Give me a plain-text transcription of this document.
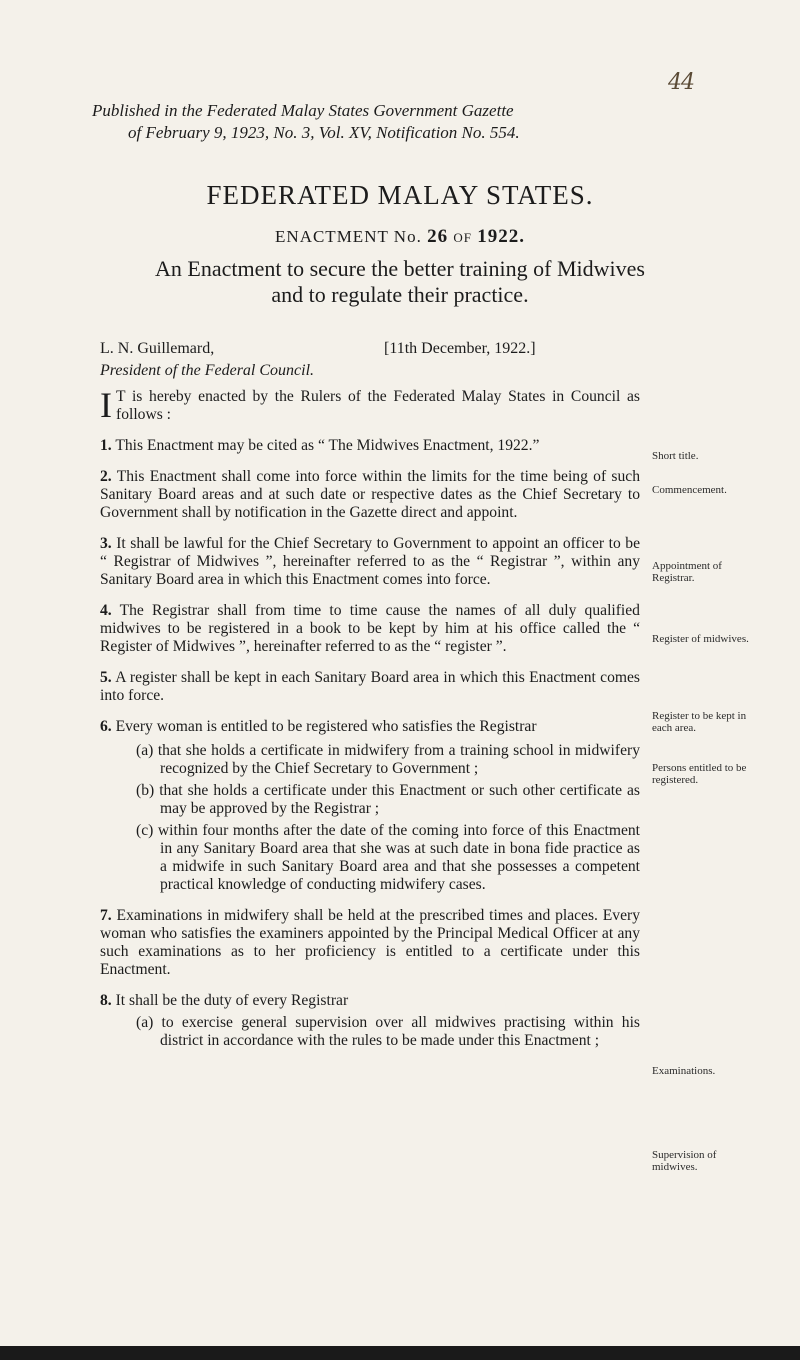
44
Published in the Federated Malay States Government Gazette
of February 9, 1923, No. 3, Vol. XV, Notification No. 554.
FEDERATED MALAY STATES.
ENACTMENT No. 26 OF 1922.
An Enactment to secure the better training of Midwives
and to regulate their practice.
L. N. Guillemard,	[11th December, 1922.]
President of the Federal Council.

I T is hereby enacted by the Rulers of the Federated Malay States in Council as follows :

1. This Enactment may be cited as “ The Midwives Enactment, 1922.”

2. This Enactment shall come into force within the limits for the time being of such Sanitary Board areas and at such date or respective dates as the Chief Secretary to Government shall by notification in the Gazette direct and appoint.

3. It shall be lawful for the Chief Secretary to Government to appoint an officer to be “ Registrar of Midwives ”, hereinafter referred to as the “ Registrar ”, within any Sanitary Board area in which this Enactment comes into force.

4. The Registrar shall from time to time cause the names of all duly qualified midwives to be registered in a book to be kept by him at his office called the “ Register of Midwives ”, hereinafter referred to as the “ register ”.

5. A register shall be kept in each Sanitary Board area in which this Enactment comes into force.

6. Every woman is entitled to be registered who satisfies the Registrar

(a) that she holds a certificate in midwifery from a training school in midwifery recognized by the Chief Secretary to Government ;

(b) that she holds a certificate under this Enactment or such other certificate as may be approved by the Registrar ;

(c) within four months after the date of the coming into force of this Enactment in any Sanitary Board area that she was at such date in bona fide practice as a midwife in such Sanitary Board area and that she possesses a competent practical knowledge of conducting midwifery cases.

7. Examinations in midwifery shall be held at the prescribed times and places. Every woman who satisfies the examiners appointed by the Principal Medical Officer at any such examinations as to her proficiency is entitled to a certificate under this Enactment.

8. It shall be the duty of every Registrar

(a) to exercise general supervision over all midwives practising within his district in accordance with the rules to be made under this Enactment ;

Short title.
Commencement.
Appointment of Registrar.
Register of midwives.
Register to be kept in each area.
Persons entitled to be registered.
Examinations.
Supervision of midwives.
